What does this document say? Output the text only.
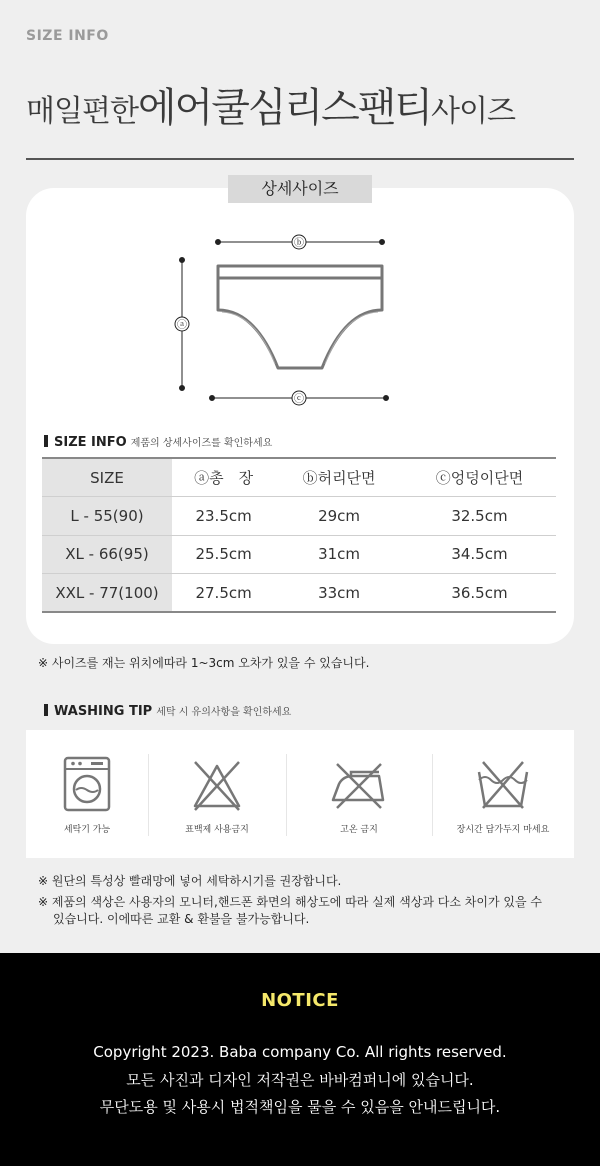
SIZE INFO
매일편한에어쿨심리스팬티사이즈
상세사이즈
ⓑ
ⓐ
ⓒ
SIZE INFO 제품의 상세사이즈를 확인하세요
SIZE	ⓐ총　장	ⓑ허리단면	ⓒ엉덩이단면
L - 55(90)	23.5cm	29cm	32.5cm
XL - 66(95)	25.5cm	31cm	34.5cm
XXL - 77(100)	27.5cm	33cm	36.5cm
※ 사이즈를 재는 위치에따라 1~3cm 오차가 있을 수 있습니다.
WASHING TIP 세탁 시 유의사항을 확인하세요
세탁기 가능	표백제 사용금지	고온 금지	장시간 담가두지 마세요
※ 원단의 특성상 빨래망에 넣어 세탁하시기를 권장합니다.
※ 제품의 색상은 사용자의 모니터,핸드폰 화면의 해상도에 따라 실제 색상과 다소 차이가 있을 수
있습니다. 이에따른 교환 & 환불을 불가능합니다.
NOTICE
Copyright 2023. Baba company Co. All rights reserved.
모든 사진과 디자인 저작권은 바바컴퍼니에 있습니다.
무단도용 및 사용시 법적책임을 물을 수 있음을 안내드립니다.
